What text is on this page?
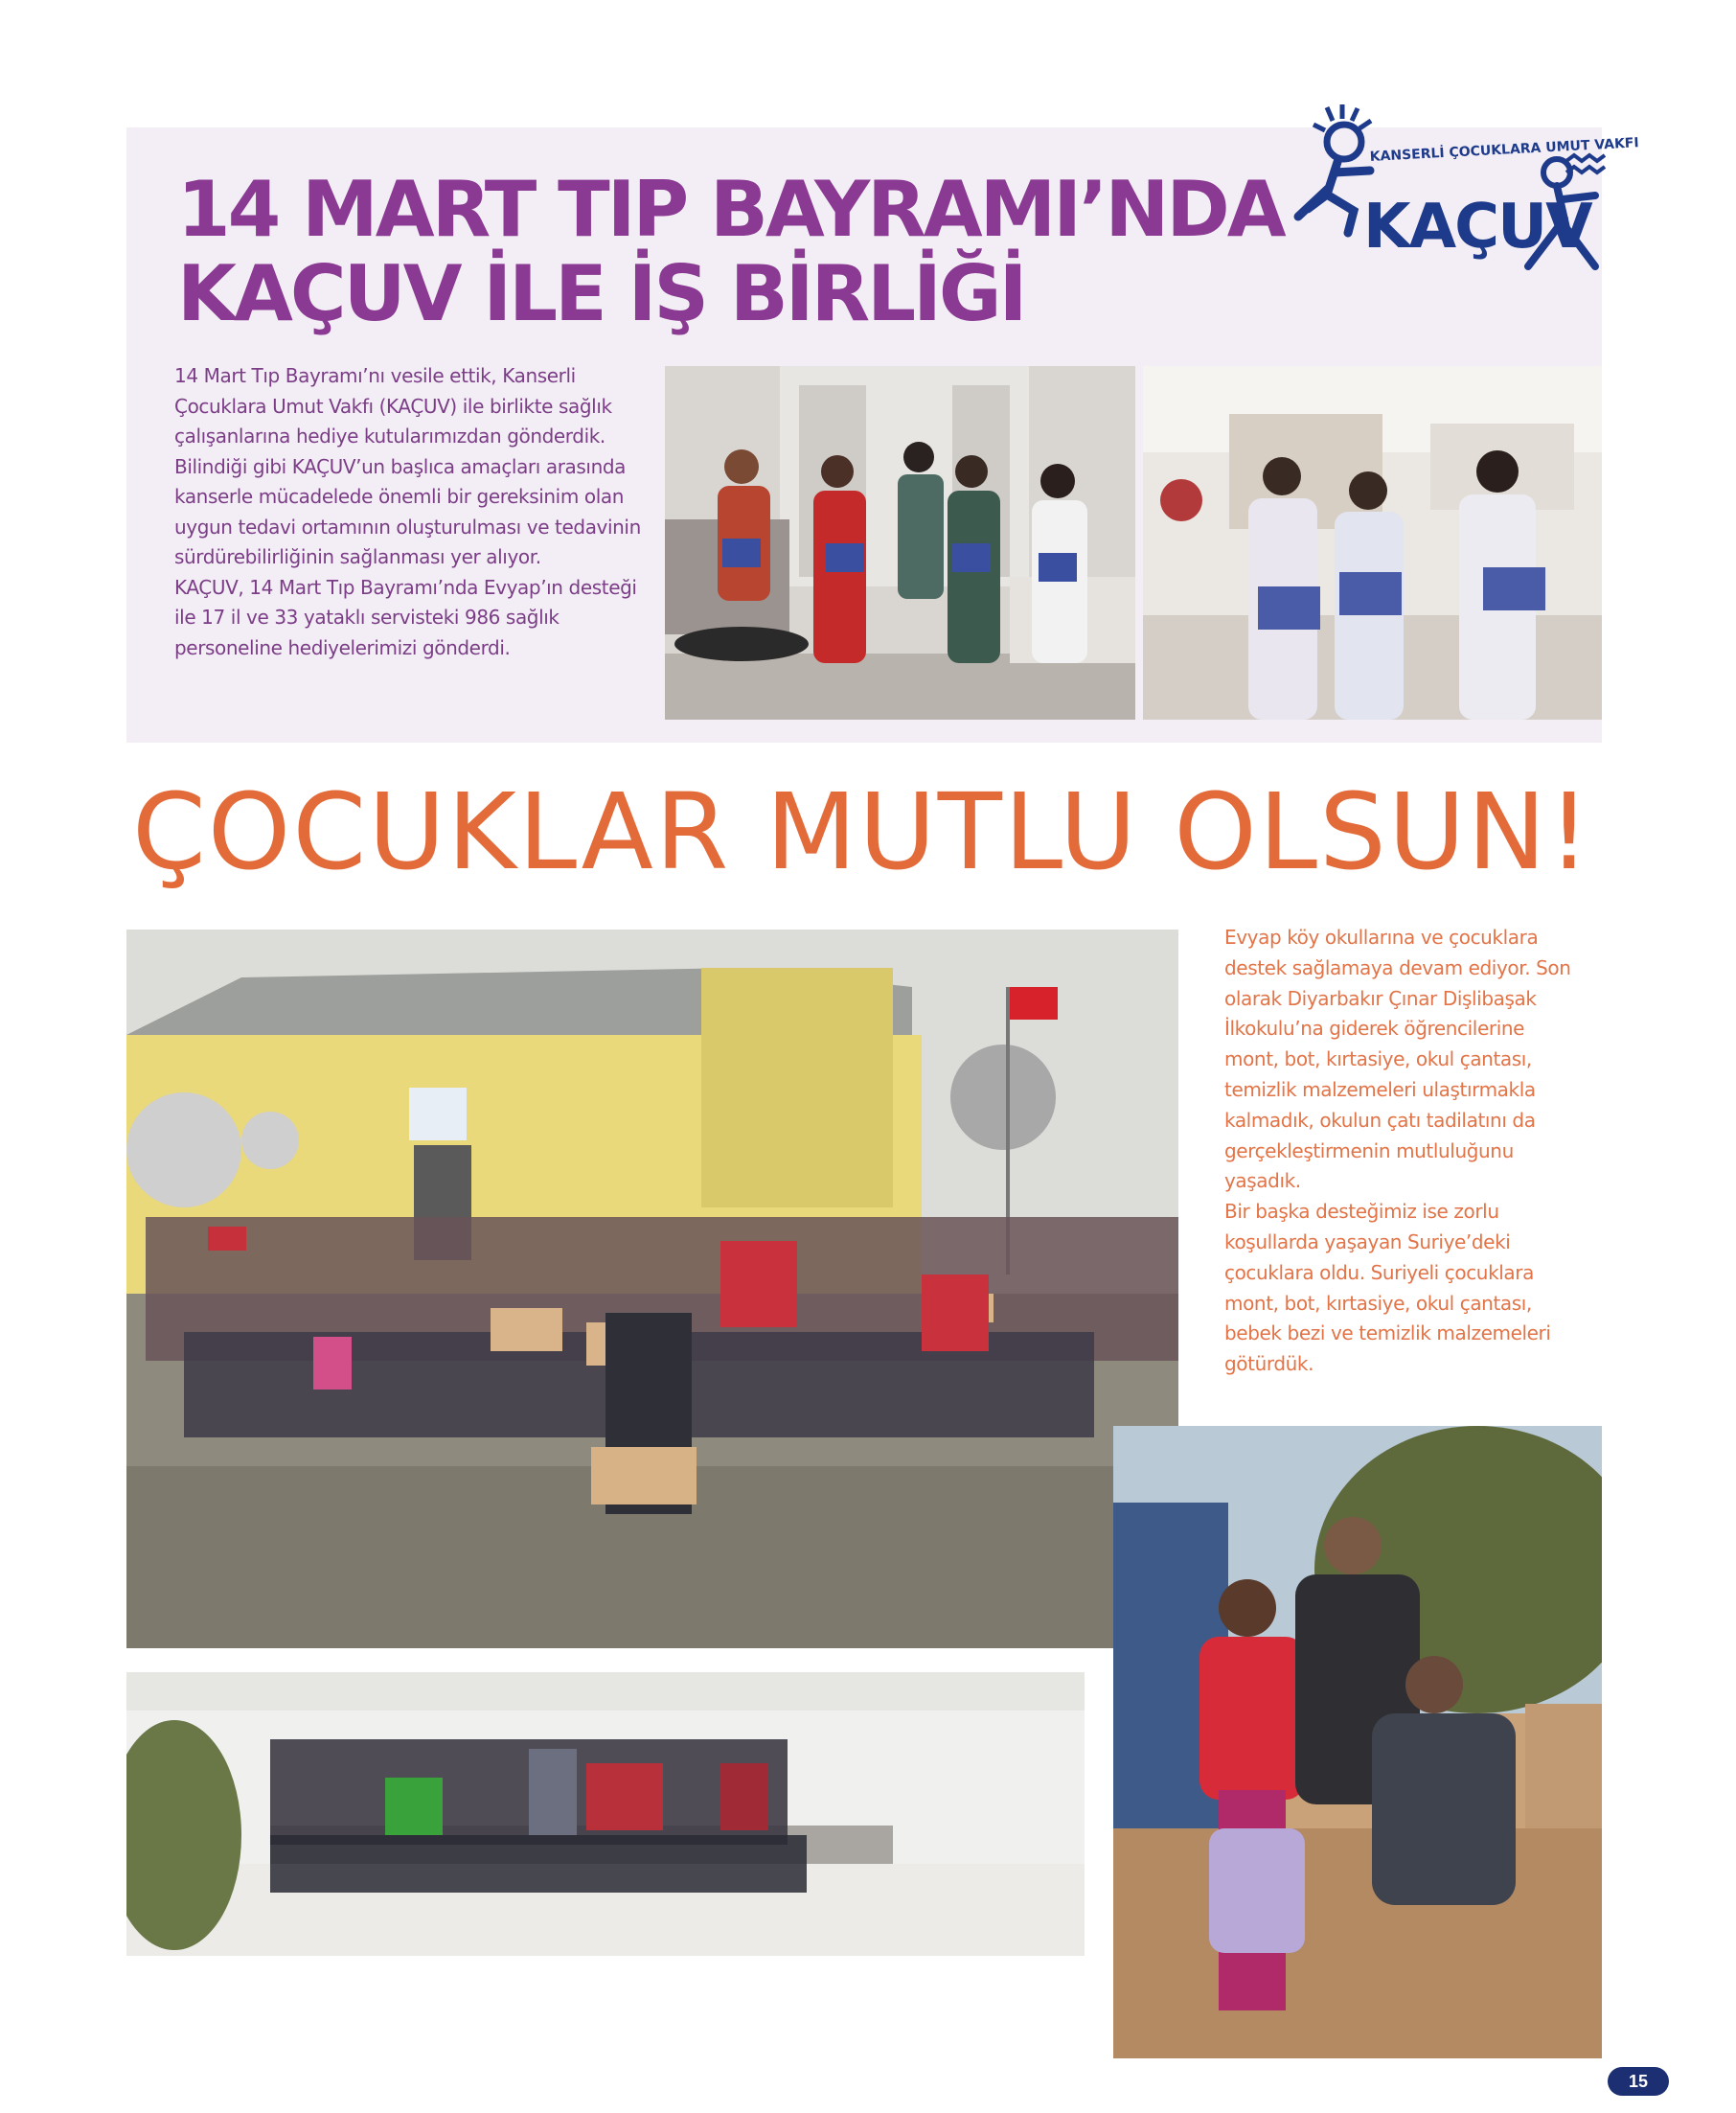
14 MART TIP BAYRAMI’NDA
KAÇUV İLE İŞ BİRLİĞİ
KANSERLİ ÇOCUKLARA UMUT VAKFI
KAÇUV

14 Mart Tıp Bayramı’nı vesile ettik, Kanserli Çocuklara Umut Vakfı (KAÇUV) ile birlikte sağlık çalışanlarına hediye kutularımızdan gönderdik. Bilindiği gibi KAÇUV’un başlıca amaçları arasında kanserle mücadelede önemli bir gereksinim olan uygun tedavi ortamının oluşturulması ve tedavinin sürdürebilirliğinin sağlanması yer alıyor.

KAÇUV, 14 Mart Tıp Bayramı’nda Evyap’ın desteği ile 17 il ve 33 yataklı servisteki 986 sağlık personeline hediyelerimizi gönderdi.

ÇOCUKLAR MUTLU OLSUN!

Evyap köy okullarına ve çocuklara destek sağlamaya devam ediyor. Son olarak Diyarbakır Çınar Dişlibaşak İlkokulu’na giderek öğrencilerine mont, bot, kırtasiye, okul çantası, temizlik malzemeleri ulaştırmakla kalmadık, okulun çatı tadilatını da gerçekleştirmenin mutluluğunu yaşadık.

Bir başka desteğimiz ise zorlu koşullarda yaşayan Suriye’deki çocuklara oldu. Suriyeli çocuklara mont, bot, kırtasiye, okul çantası, bebek bezi ve temizlik malzemeleri götürdük.

15
